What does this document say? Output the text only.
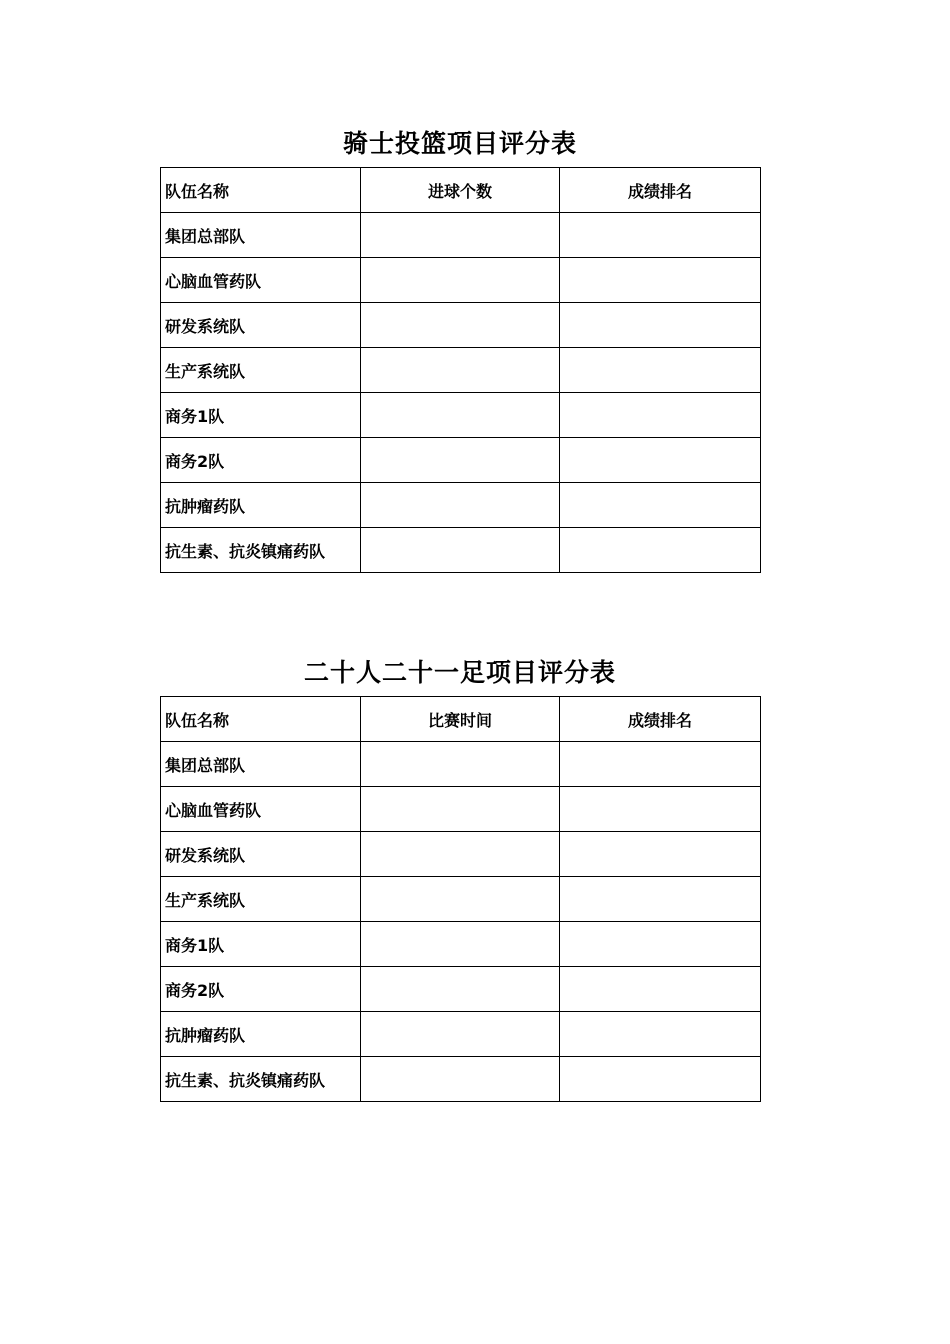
骑士投篮项目评分表
队伍名称	进球个数	成绩排名
集团总部队		
心脑血管药队		
研发系统队		
生产系统队		
商务1队		
商务2队		
抗肿瘤药队		
抗生素、抗炎镇痛药队		
二十人二十一足项目评分表
队伍名称	比赛时间	成绩排名
集团总部队		
心脑血管药队		
研发系统队		
生产系统队		
商务1队		
商务2队		
抗肿瘤药队		
抗生素、抗炎镇痛药队		
